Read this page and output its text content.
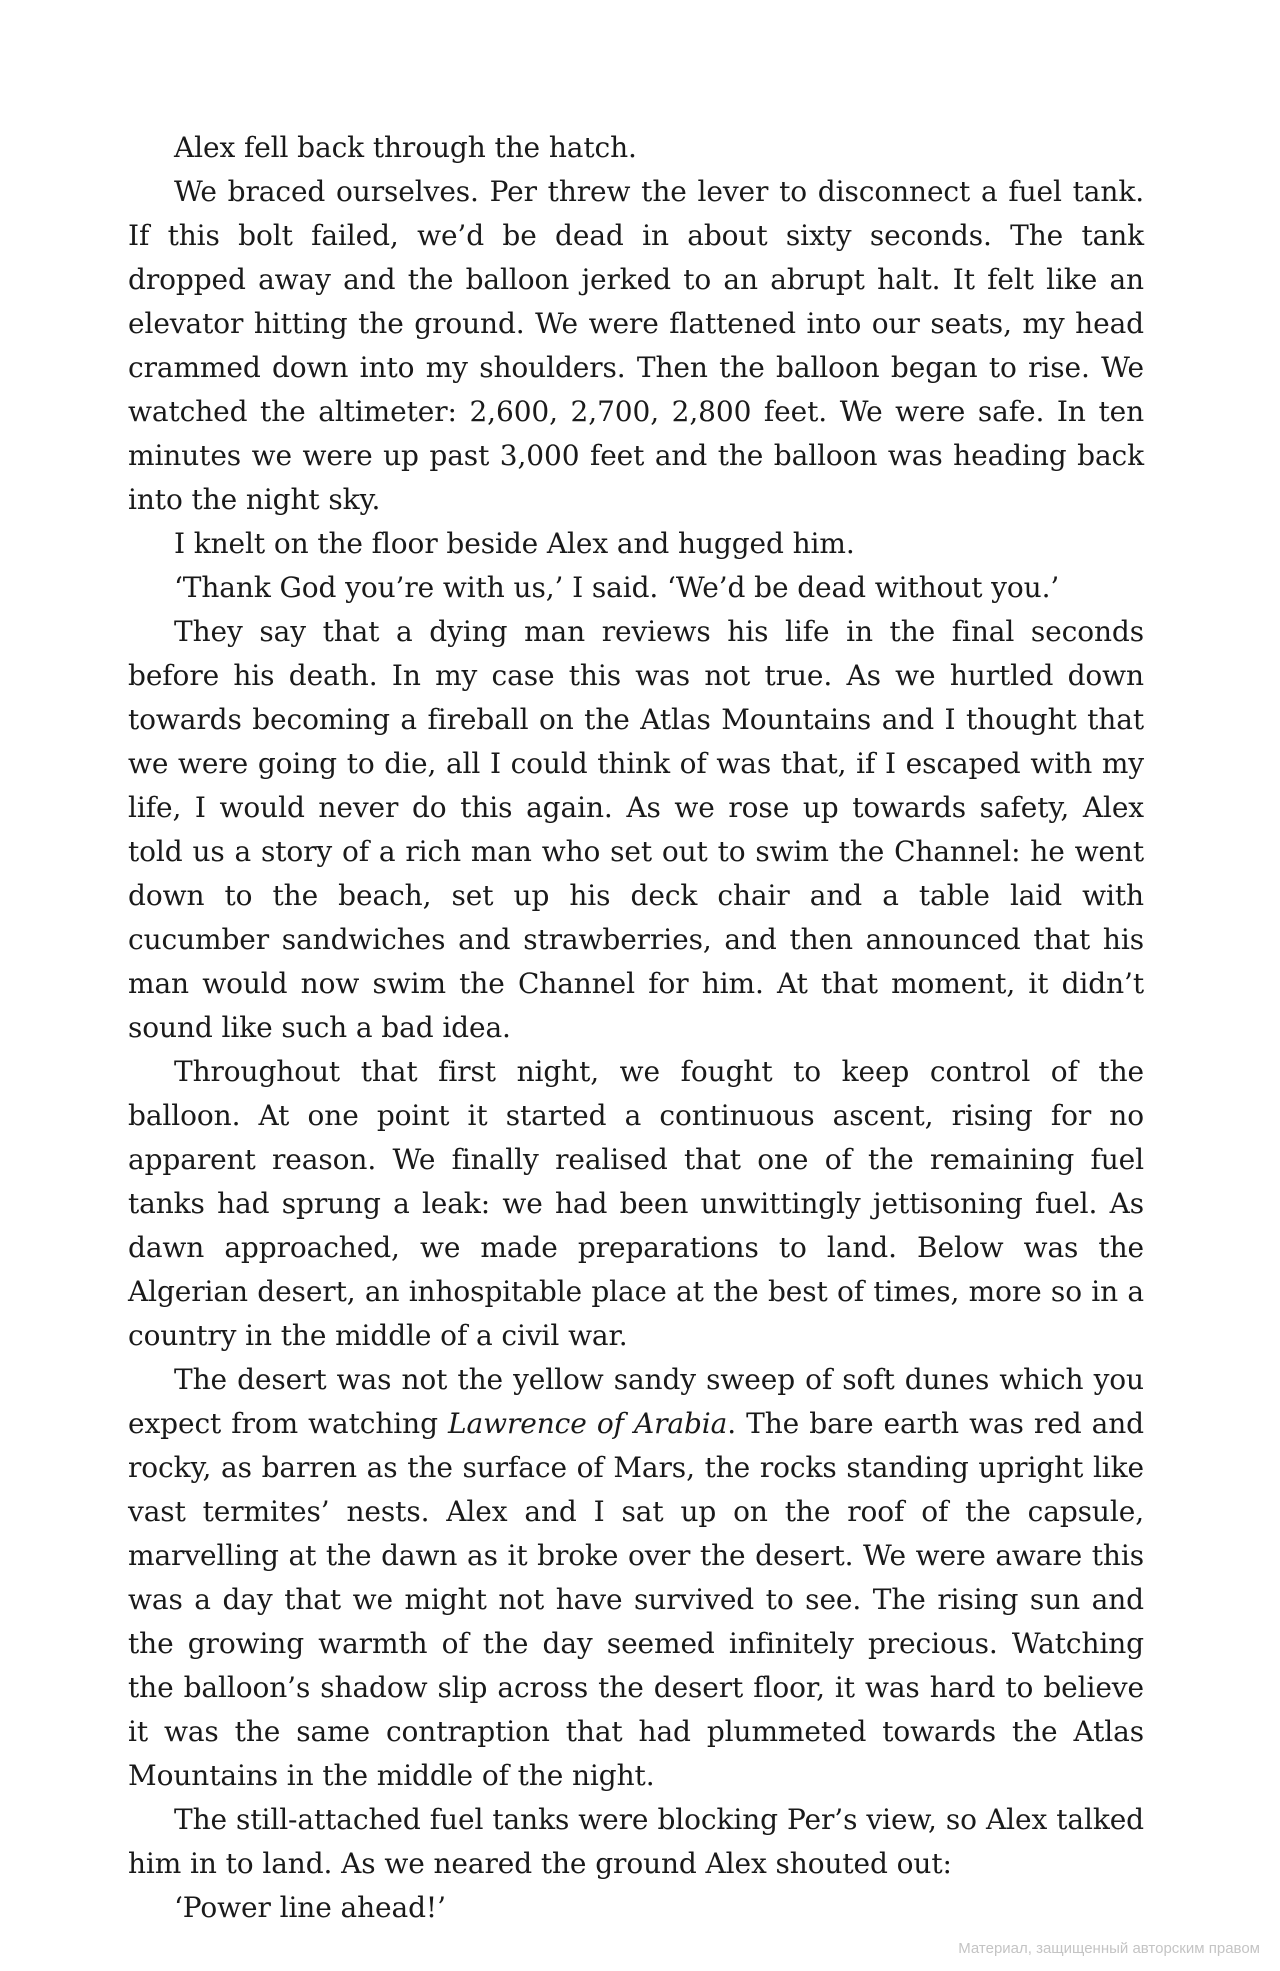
Alex fell back through the hatch.

We braced ourselves. Per threw the lever to disconnect a fuel tank. If this bolt failed, we’d be dead in about sixty seconds. The tank dropped away and the balloon jerked to an abrupt halt. It felt like an elevator hitting the ground. We were flattened into our seats, my head crammed down into my shoulders. Then the balloon began to rise. We watched the altimeter: 2,600, 2,700, 2,800 feet. We were safe. In ten minutes we were up past 3,000 feet and the balloon was heading back into the night sky.

I knelt on the floor beside Alex and hugged him.

‘Thank God you’re with us,’ I said. ‘We’d be dead without you.’

They say that a dying man reviews his life in the final seconds before his death. In my case this was not true. As we hurtled down towards becoming a fireball on the Atlas Mountains and I thought that we were going to die, all I could think of was that, if I escaped with my life, I would never do this again. As we rose up towards safety, Alex told us a story of a rich man who set out to swim the Channel: he went down to the beach, set up his deck chair and a table laid with cucumber sandwiches and strawberries, and then announced that his man would now swim the Channel for him. At that moment, it didn’t sound like such a bad idea.

Throughout that first night, we fought to keep control of the balloon. At one point it started a continuous ascent, rising for no apparent reason. We finally realised that one of the remaining fuel tanks had sprung a leak: we had been unwittingly jettisoning fuel. As dawn approached, we made preparations to land. Below was the Algerian desert, an inhospitable place at the best of times, more so in a country in the middle of a civil war.

The desert was not the yellow sandy sweep of soft dunes which you expect from watching Lawrence of Arabia. The bare earth was red and rocky, as barren as the surface of Mars, the rocks standing upright like vast termites’ nests. Alex and I sat up on the roof of the capsule, marvelling at the dawn as it broke over the desert. We were aware this was a day that we might not have survived to see. The rising sun and the growing warmth of the day seemed infinitely precious. Watching the balloon’s shadow slip across the desert floor, it was hard to believe it was the same contraption that had plummeted towards the Atlas Mountains in the middle of the night.

The still-attached fuel tanks were blocking Per’s view, so Alex talked him in to land. As we neared the ground Alex shouted out:

‘Power line ahead!’

Материал, защищенный авторским правом
